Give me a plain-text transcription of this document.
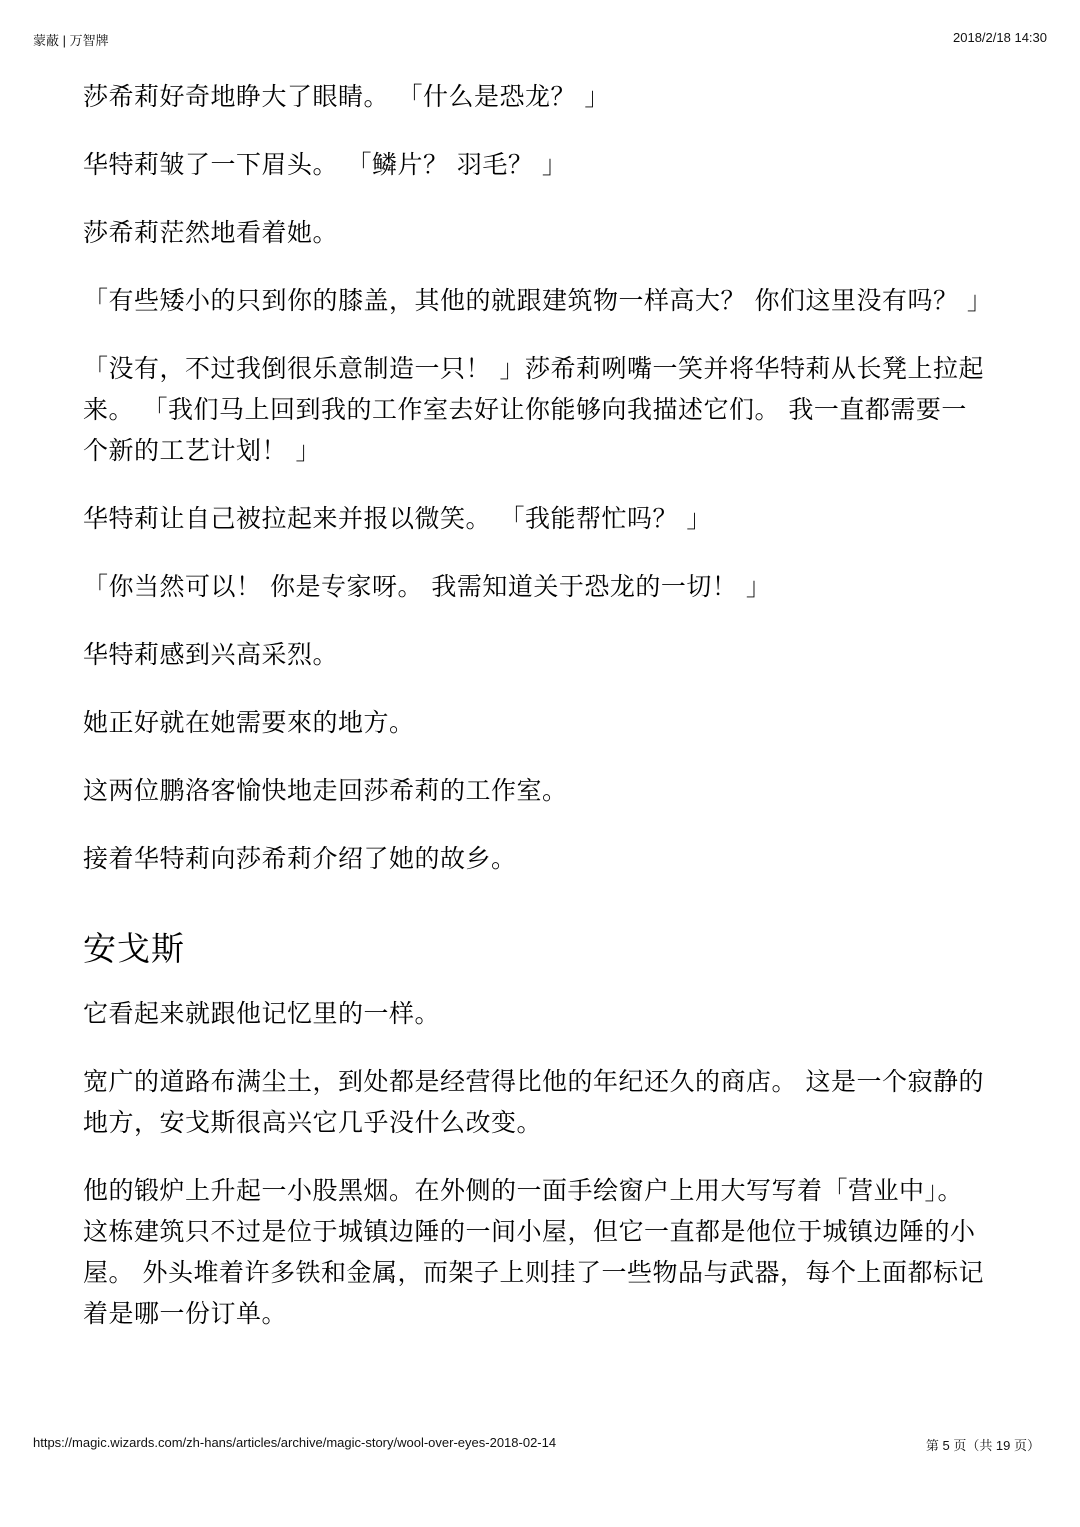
蒙蔽 | 万智牌	2018/2/18 14:30

莎希莉好奇地睁大了眼睛。 「什么是恐龙？ 」

华特莉皱了一下眉头。 「鳞片？ 羽毛？ 」

莎希莉茫然地看着她。

「有些矮小的只到你的膝盖，其他的就跟建筑物一样高大？ 你们这里没有吗？ 」

「没有，不过我倒很乐意制造一只！ 」莎希莉咧嘴一笑并将华特莉从长凳上拉起来。 「我们马上回到我的工作室去好让你能够向我描述它们。 我一直都需要一个新的工艺计划！ 」

华特莉让自己被拉起来并报以微笑。 「我能帮忙吗？ 」

「你当然可以！ 你是专家呀。 我需知道关于恐龙的一切！ 」

华特莉感到兴高采烈。

她正好就在她需要來的地方。

这两位鹏洛客愉快地走回莎希莉的工作室。

接着华特莉向莎希莉介绍了她的故乡。

安戈斯

它看起来就跟他记忆里的一样。

宽广的道路布满尘土，到处都是经营得比他的年纪还久的商店。 这是一个寂静的地方，安戈斯很高兴它几乎没什么改变。

他的锻炉上升起一小股黑烟。在外侧的一面手绘窗户上用大写写着「营业中」。 这栋建筑只不过是位于城镇边陲的一间小屋，但它一直都是他位于城镇边陲的小屋。 外头堆着许多铁和金属，而架子上则挂了一些物品与武器，每个上面都标记着是哪一份订单。

https://magic.wizards.com/zh-hans/articles/archive/magic-story/wool-over-eyes-2018-02-14	第 5 页（共 19 页）
